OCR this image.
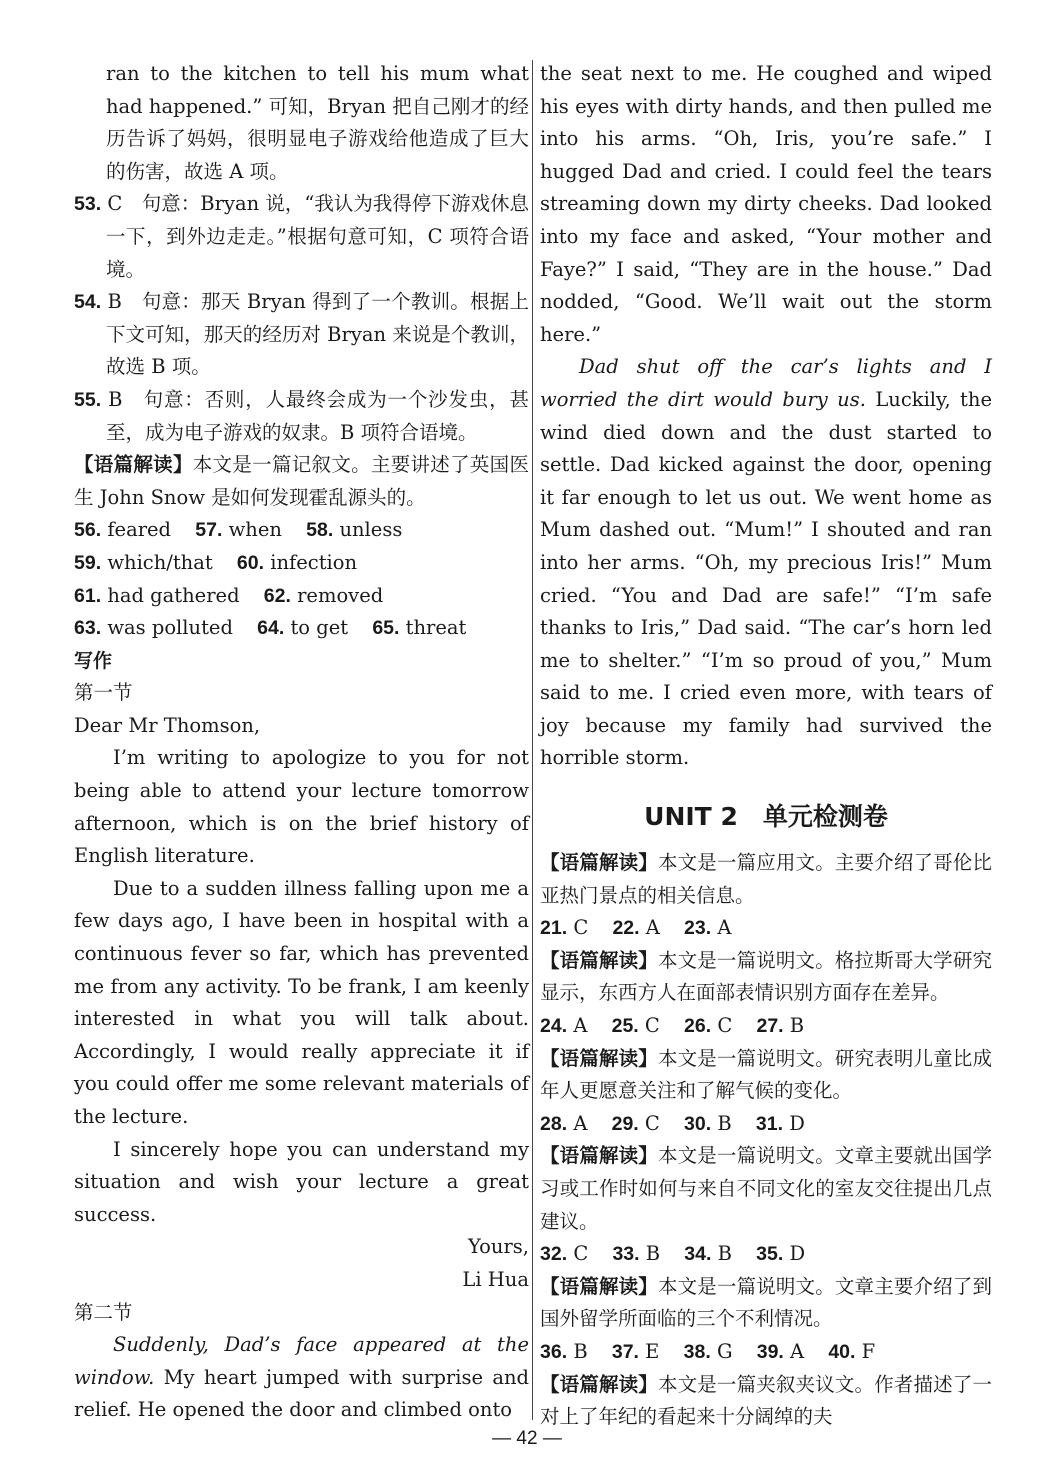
ran to the kitchen to tell his mum what had happened.” 可知，Bryan 把自己刚才的经历告诉了妈妈，很明显电子游戏给他造成了巨大的伤害，故选 A 项。

53. C　句意：Bryan 说，“我认为我得停下游戏休息一下，到外边走走。”根据句意可知，C 项符合语境。

54. B　句意：那天 Bryan 得到了一个教训。根据上下文可知，那天的经历对 Bryan 来说是个教训，故选 B 项。

55. B　句意：否则，人最终会成为一个沙发虫，甚至，成为电子游戏的奴隶。B 项符合语境。

【语篇解读】本文是一篇记叙文。主要讲述了英国医生 John Snow 是如何发现霍乱源头的。

56. feared 57. when 58. unless

59. which/that 60. infection

61. had gathered 62. removed

63. was polluted 64. to get 65. threat

写作

第一节

Dear Mr Thomson,

I’m writing to apologize to you for not being able to attend your lecture tomorrow afternoon, which is on the brief history of English literature.

Due to a sudden illness falling upon me a few days ago, I have been in hospital with a continuous fever so far, which has prevented me from any activity. To be frank, I am keenly interested in what you will talk about. Accordingly, I would really appreciate it if you could offer me some relevant materials of the lecture.

I sincerely hope you can understand my situation and wish your lecture a great success.

Yours,

Li Hua

第二节

Suddenly, Dad’s face appeared at the window. My heart jumped with surprise and relief. He opened the door and climbed onto

the seat next to me. He coughed and wiped his eyes with dirty hands, and then pulled me into his arms. “Oh, Iris, you’re safe.” I hugged Dad and cried. I could feel the tears streaming down my dirty cheeks. Dad looked into my face and asked, “Your mother and Faye?” I said, “They are in the house.” Dad nodded, “Good. We’ll wait out the storm here.”

Dad shut off the car’s lights and I worried the dirt would bury us. Luckily, the wind died down and the dust started to settle. Dad kicked against the door, opening it far enough to let us out. We went home as Mum dashed out. “Mum!” I shouted and ran into her arms. “Oh, my precious Iris!” Mum cried. “You and Dad are safe!” “I’m safe thanks to Iris,” Dad said. “The car’s horn led me to shelter.” “I’m so proud of you,” Mum said to me. I cried even more, with tears of joy because my family had survived the horrible storm.

UNIT 2　单元检测卷

【语篇解读】本文是一篇应用文。主要介绍了哥伦比亚热门景点的相关信息。

21. C 22. A 23. A

【语篇解读】本文是一篇说明文。格拉斯哥大学研究显示，东西方人在面部表情识别方面存在差异。

24. A 25. C 26. C 27. B

【语篇解读】本文是一篇说明文。研究表明儿童比成年人更愿意关注和了解气候的变化。

28. A 29. C 30. B 31. D

【语篇解读】本文是一篇说明文。文章主要就出国学习或工作时如何与来自不同文化的室友交往提出几点建议。

32. C 33. B 34. B 35. D

【语篇解读】本文是一篇说明文。文章主要介绍了到国外留学所面临的三个不利情况。

36. B 37. E 38. G 39. A 40. F

【语篇解读】本文是一篇夹叙夹议文。作者描述了一对上了年纪的看起来十分阔绰的夫

— 42 —
